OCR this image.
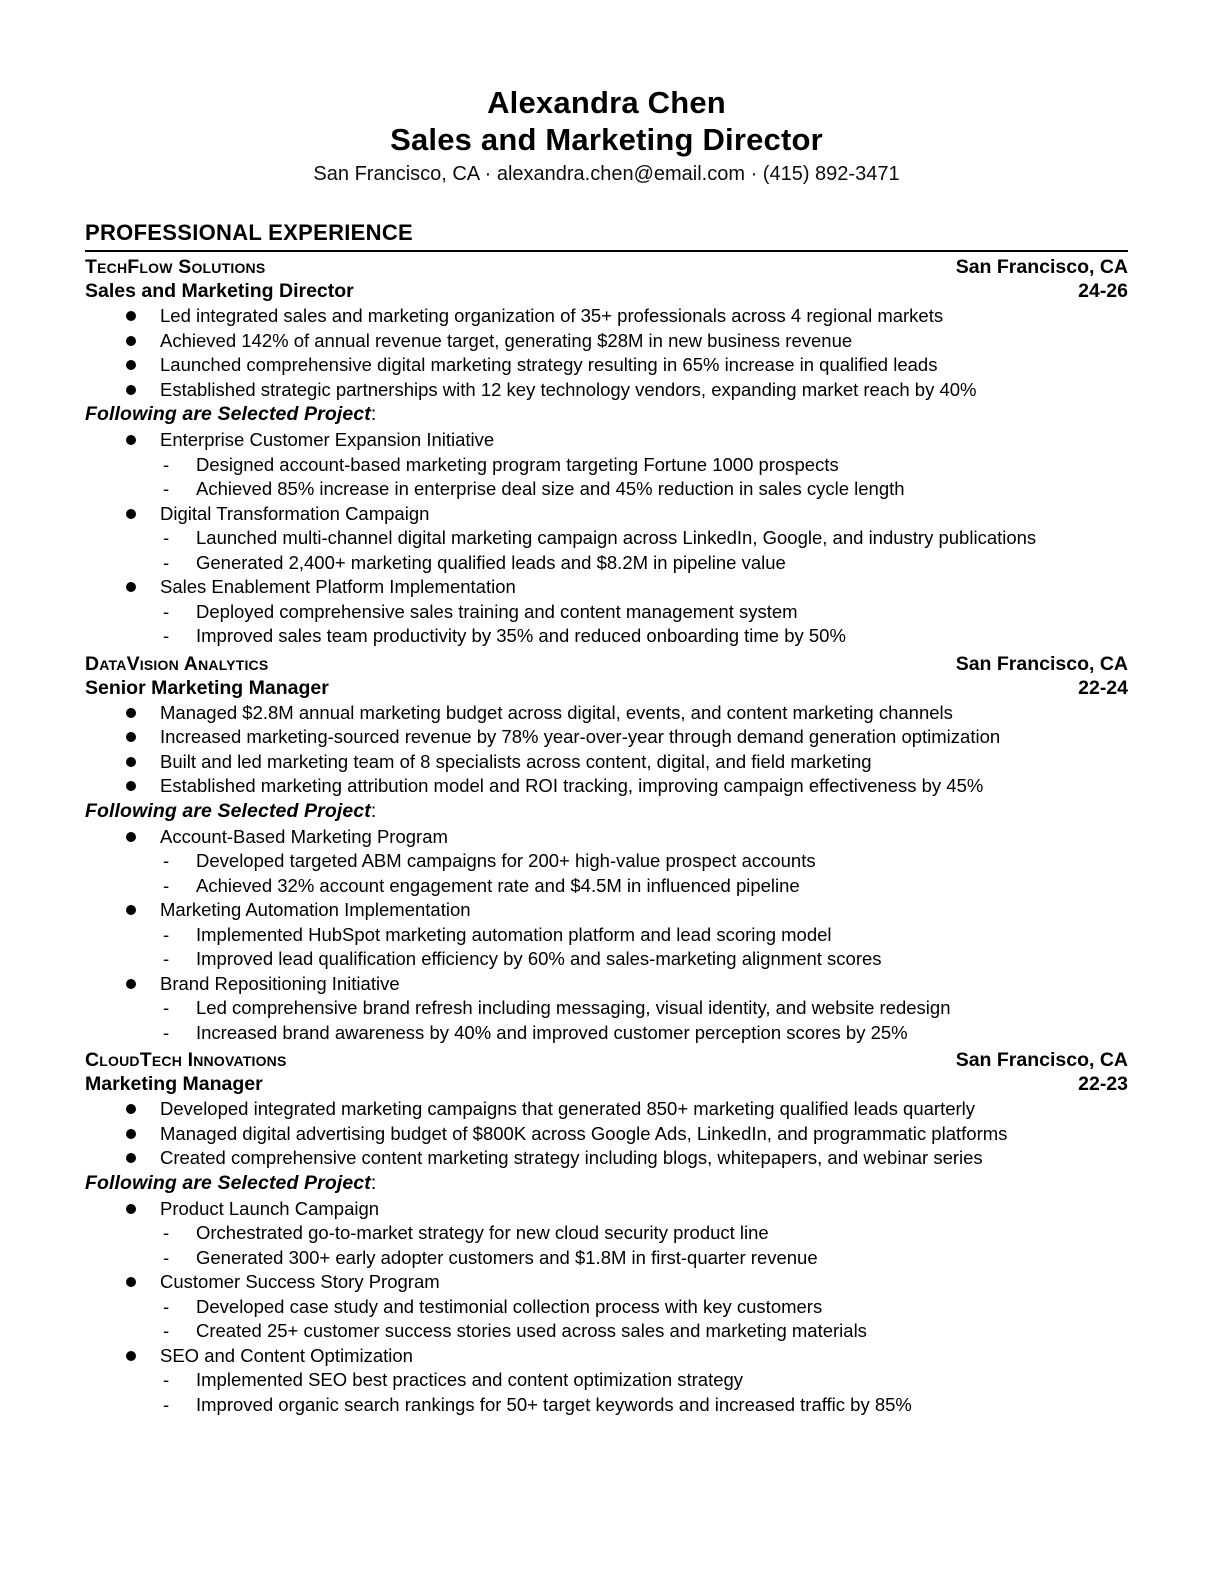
Alexandra Chen
Sales and Marketing Director
San Francisco, CA · alexandra.chen@email.com · (415) 892-3471
PROFESSIONAL EXPERIENCE
TechFlow Solutions	San Francisco, CA
Sales and Marketing Director	24-26
Led integrated sales and marketing organization of 35+ professionals across 4 regional markets
Achieved 142% of annual revenue target, generating $28M in new business revenue
Launched comprehensive digital marketing strategy resulting in 65% increase in qualified leads
Established strategic partnerships with 12 key technology vendors, expanding market reach by 40%
Following are Selected Project:
Enterprise Customer Expansion Initiative
- Designed account-based marketing program targeting Fortune 1000 prospects
- Achieved 85% increase in enterprise deal size and 45% reduction in sales cycle length
Digital Transformation Campaign
- Launched multi-channel digital marketing campaign across LinkedIn, Google, and industry publications
- Generated 2,400+ marketing qualified leads and $8.2M in pipeline value
Sales Enablement Platform Implementation
- Deployed comprehensive sales training and content management system
- Improved sales team productivity by 35% and reduced onboarding time by 50%
DataVision Analytics	San Francisco, CA
Senior Marketing Manager	22-24
Managed $2.8M annual marketing budget across digital, events, and content marketing channels
Increased marketing-sourced revenue by 78% year-over-year through demand generation optimization
Built and led marketing team of 8 specialists across content, digital, and field marketing
Established marketing attribution model and ROI tracking, improving campaign effectiveness by 45%
Following are Selected Project:
Account-Based Marketing Program
- Developed targeted ABM campaigns for 200+ high-value prospect accounts
- Achieved 32% account engagement rate and $4.5M in influenced pipeline
Marketing Automation Implementation
- Implemented HubSpot marketing automation platform and lead scoring model
- Improved lead qualification efficiency by 60% and sales-marketing alignment scores
Brand Repositioning Initiative
- Led comprehensive brand refresh including messaging, visual identity, and website redesign
- Increased brand awareness by 40% and improved customer perception scores by 25%
CloudTech Innovations	San Francisco, CA
Marketing Manager	22-23
Developed integrated marketing campaigns that generated 850+ marketing qualified leads quarterly
Managed digital advertising budget of $800K across Google Ads, LinkedIn, and programmatic platforms
Created comprehensive content marketing strategy including blogs, whitepapers, and webinar series
Following are Selected Project:
Product Launch Campaign
- Orchestrated go-to-market strategy for new cloud security product line
- Generated 300+ early adopter customers and $1.8M in first-quarter revenue
Customer Success Story Program
- Developed case study and testimonial collection process with key customers
- Created 25+ customer success stories used across sales and marketing materials
SEO and Content Optimization
- Implemented SEO best practices and content optimization strategy
- Improved organic search rankings for 50+ target keywords and increased traffic by 85%
